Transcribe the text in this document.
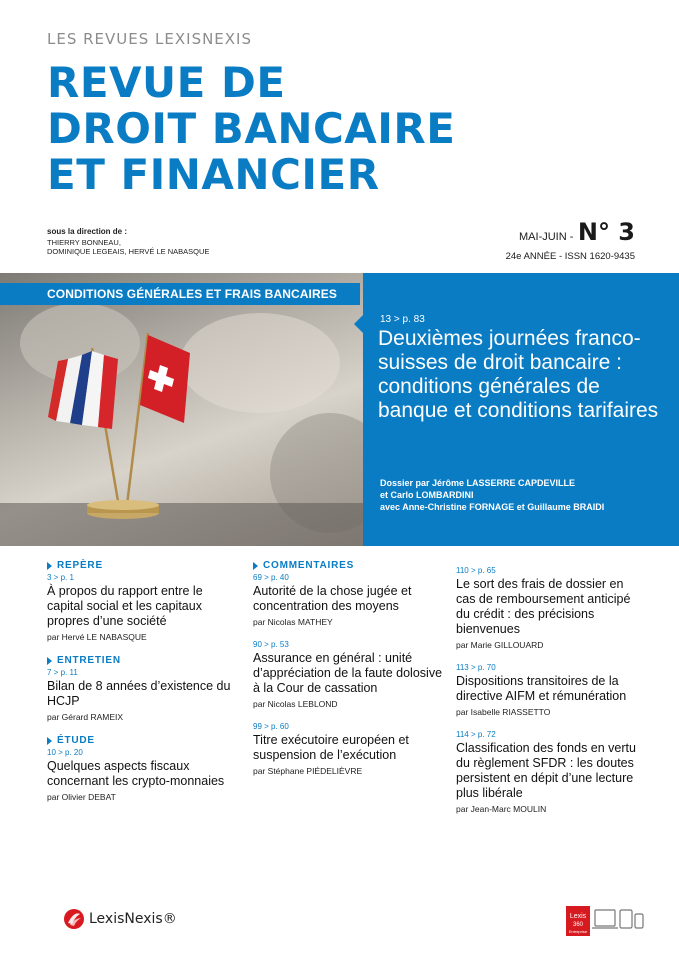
LES REVUES LEXISNEXIS
REVUE DE
DROIT BANCAIRE
ET FINANCIER
sous la direction de :
THIERRY BONNEAU,
DOMINIQUE LEGEAIS, HERVÉ LE NABASQUE
MAI-JUIN - N° 3
24e ANNÉE - ISSN 1620-9435
13 > p. 83
Deuxièmes journées franco-suisses de droit bancaire : conditions générales de banque et conditions tarifaires
Dossier par Jérôme LASSERRE CAPDEVILLE
et Carlo LOMBARDINI
avec Anne-Christine FORNAGE et Guillaume BRAIDI
CONDITIONS GÉNÉRALES ET FRAIS BANCAIRES
REPÈRE
3 > p. 1
À propos du rapport entre le capital social et les capitaux propres d’une société
par Hervé LE NABASQUE
ENTRETIEN
7 > p. 11
Bilan de 8 années d’existence du HCJP
par Gérard RAMEIX
ÉTUDE
10 > p. 20
Quelques aspects fiscaux concernant les crypto-monnaies
par Olivier DEBAT
COMMENTAIRES
69 > p. 40
Autorité de la chose jugée et concentration des moyens
par Nicolas MATHEY
90 > p. 53
Assurance en général : unité d’appréciation de la faute dolosive à la Cour de cassation
par Nicolas LEBLOND
99 > p. 60
Titre exécutoire européen et suspension de l’exécution
par Stéphane PIÉDELIÈVRE
110 > p. 65
Le sort des frais de dossier en cas de remboursement anticipé du crédit : des précisions bienvenues
par Marie GILLOUARD
113 > p. 70
Dispositions transitoires de la directive AIFM et rémunération
par Isabelle RIASSETTO
114 > p. 72
Classification des fonds en vertu du règlement SFDR : les doutes persistent en dépit d’une lecture plus libérale
par Jean-Marc MOULIN
LexisNexis®	Lexis
360
Entreprise
